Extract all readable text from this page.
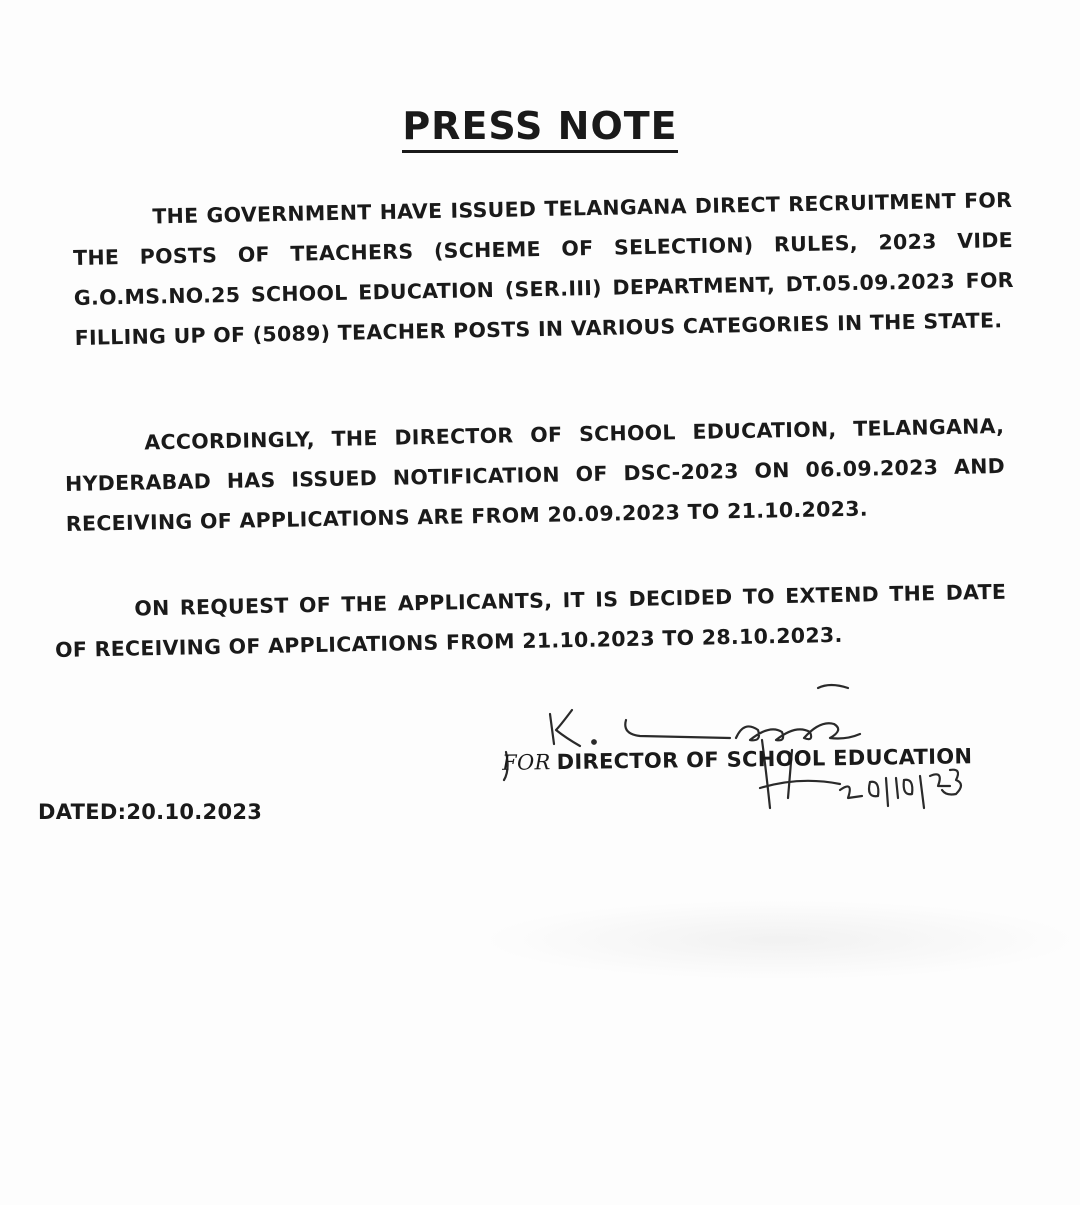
PRESS NOTE
THE GOVERNMENT HAVE ISSUED TELANGANA DIRECT RECRUITMENT FOR THE POSTS OF TEACHERS (SCHEME OF SELECTION) RULES, 2023 VIDE G.O.MS.NO.25 SCHOOL EDUCATION (SER.III) DEPARTMENT, DT.05.09.2023 FOR FILLING UP OF (5089) TEACHER POSTS IN VARIOUS CATEGORIES IN THE STATE.
ACCORDINGLY, THE DIRECTOR OF SCHOOL EDUCATION, TELANGANA, HYDERABAD HAS ISSUED NOTIFICATION OF DSC-2023 ON 06.09.2023 AND RECEIVING OF APPLICATIONS ARE FROM 20.09.2023 TO 21.10.2023.
ON REQUEST OF THE APPLICANTS, IT IS DECIDED TO EXTEND THE DATE OF RECEIVING OF APPLICATIONS FROM 21.10.2023 TO 28.10.2023.
FOR DIRECTOR OF SCHOOL EDUCATION
DATED:20.10.2023
